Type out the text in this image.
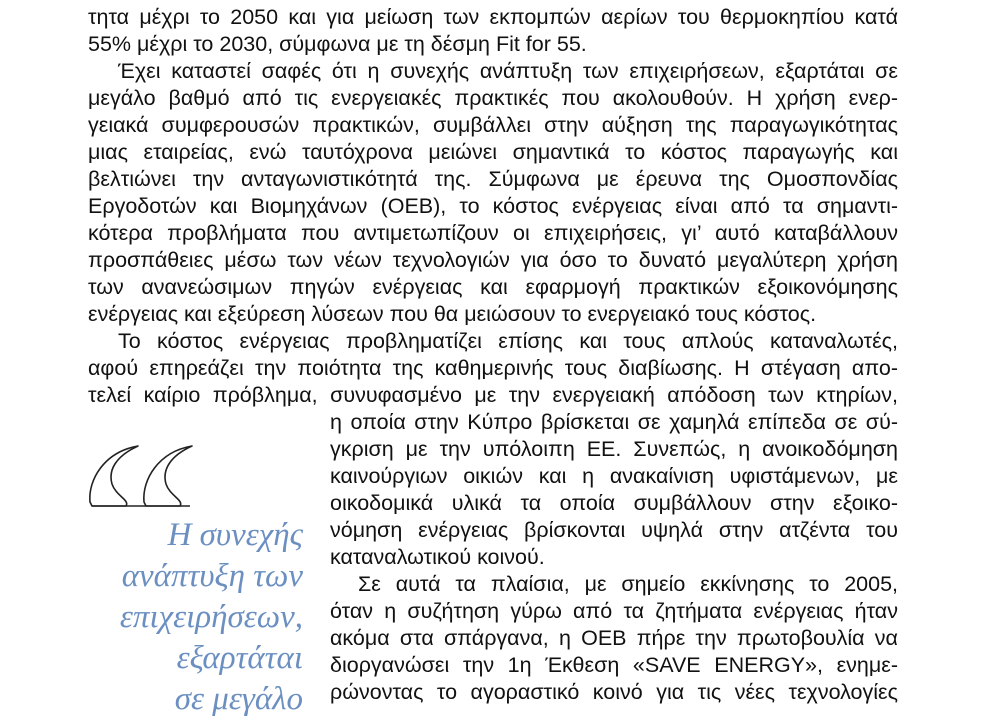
τητα μέχρι το 2050 και για μείωση των εκπομπών αερίων του θερμοκηπίου κατά

55% μέχρι το 2030, σύμφωνα με τη δέσμη Fit for 55.

Έχει καταστεί σαφές ότι η συνεχής ανάπτυξη των επιχειρήσεων, εξαρτάται σε

μεγάλο βαθμό από τις ενεργειακές πρακτικές που ακολουθούν. Η χρήση ενερ-

γειακά συμφερουσών πρακτικών, συμβάλλει στην αύξηση της παραγωγικότητας

μιας εταιρείας, ενώ ταυτόχρονα μειώνει σημαντικά το κόστος παραγωγής και

βελτιώνει την ανταγωνιστικότητά της. Σύμφωνα με έρευνα της Ομοσπονδίας

Εργοδοτών και Βιομηχάνων (ΟΕΒ), το κόστος ενέργειας είναι από τα σημαντι-

κότερα προβλήματα που αντιμετωπίζουν οι επιχειρήσεις, γι’ αυτό καταβάλλουν

προσπάθειες μέσω των νέων τεχνολογιών για όσο το δυνατό μεγαλύτερη χρήση

των ανανεώσιμων πηγών ενέργειας και εφαρμογή πρακτικών εξοικονόμησης

ενέργειας και εξεύρεση λύσεων που θα μειώσουν το ενεργειακό τους κόστος.

Το κόστος ενέργειας προβληματίζει επίσης και τους απλούς καταναλωτές,

αφού επηρεάζει την ποιότητα της καθημερινής τους διαβίωσης. Η στέγαση απο-

τελεί καίριο πρόβλημα, συνυφασμένο με την ενεργειακή απόδοση των κτηρίων,

η οποία στην Κύπρο βρίσκεται σε χαμηλά επίπεδα σε σύ-

γκριση με την υπόλοιπη ΕΕ. Συνεπώς, η ανοικοδόμηση

καινούργιων οικιών και η ανακαίνιση υφιστάμενων, με

οικοδομικά υλικά τα οποία συμβάλλουν στην εξοικο-

νόμηση ενέργειας βρίσκονται υψηλά στην ατζέντα του

καταναλωτικού κοινού.

Σε αυτά τα πλαίσια, με σημείο εκκίνησης το 2005,

όταν η συζήτηση γύρω από τα ζητήματα ενέργειας ήταν

ακόμα στα σπάργανα, η ΟΕΒ πήρε την πρωτοβουλία να

διοργανώσει την 1η Έκθεση «SAVE ENERGY», ενημε-

ρώνοντας το αγοραστικό κοινό για τις νέες τεχνολογίες

Η συνεχής
ανάπτυξη των
επιχειρήσεων,
εξαρτάται
σε μεγάλο
